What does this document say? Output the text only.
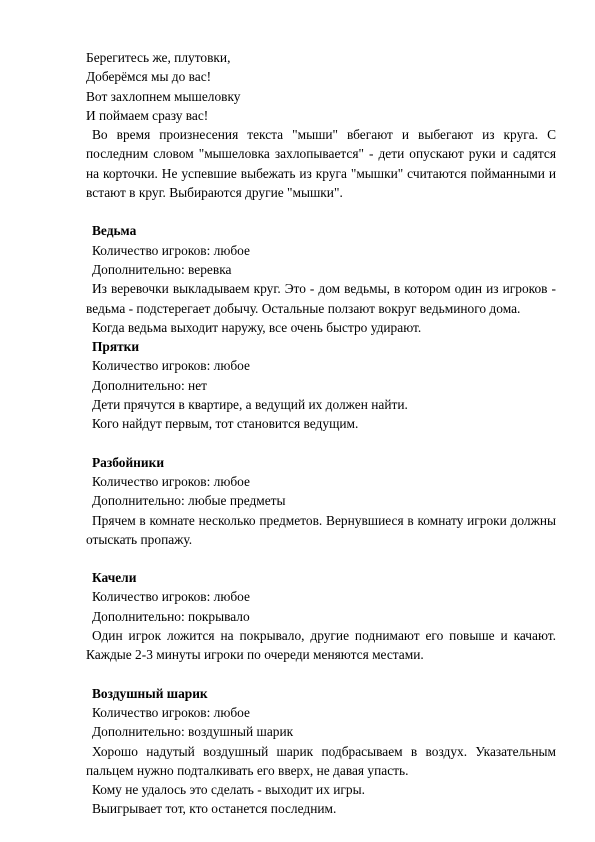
Берегитесь же, плутовки,
Доберёмся мы до вас!
Вот захлопнем мышеловку
И поймаем сразу вас!

Во время произнесения текста "мыши" вбегают и выбегают из круга. С последним словом "мышеловка захлопывается" - дети опускают руки и садятся на корточки. Не успевшие выбежать из круга "мышки" считаются пойманными и встают в круг. Выбираются другие "мышки".

Ведьма
Количество игроков: любое
Дополнительно: веревка

Из веревочки выкладываем круг. Это - дом ведьмы, в котором один из игроков - ведьма - подстерегает добычу. Остальные ползают вокруг ведьминого дома.

Когда ведьма выходит наружу, все очень быстро удирают.

Прятки
Количество игроков: любое
Дополнительно: нет

Дети прячутся в квартире, а ведущий их должен найти.

Кого найдут первым, тот становится ведущим.

Разбойники
Количество игроков: любое
Дополнительно: любые предметы

Прячем в комнате несколько предметов. Вернувшиеся в комнату игроки должны отыскать пропажу.

Качели
Количество игроков: любое
Дополнительно: покрывало

Один игрок ложится на покрывало, другие поднимают его повыше и качают. Каждые 2-3 минуты игроки по очереди меняются местами.

Воздушный шарик
Количество игроков: любое
Дополнительно: воздушный шарик

Хорошо надутый воздушный шарик подбрасываем в воздух. Указательным пальцем нужно подталкивать его вверх, не давая упасть.

Кому не удалось это сделать - выходит их игры.

Выигрывает тот, кто останется последним.
